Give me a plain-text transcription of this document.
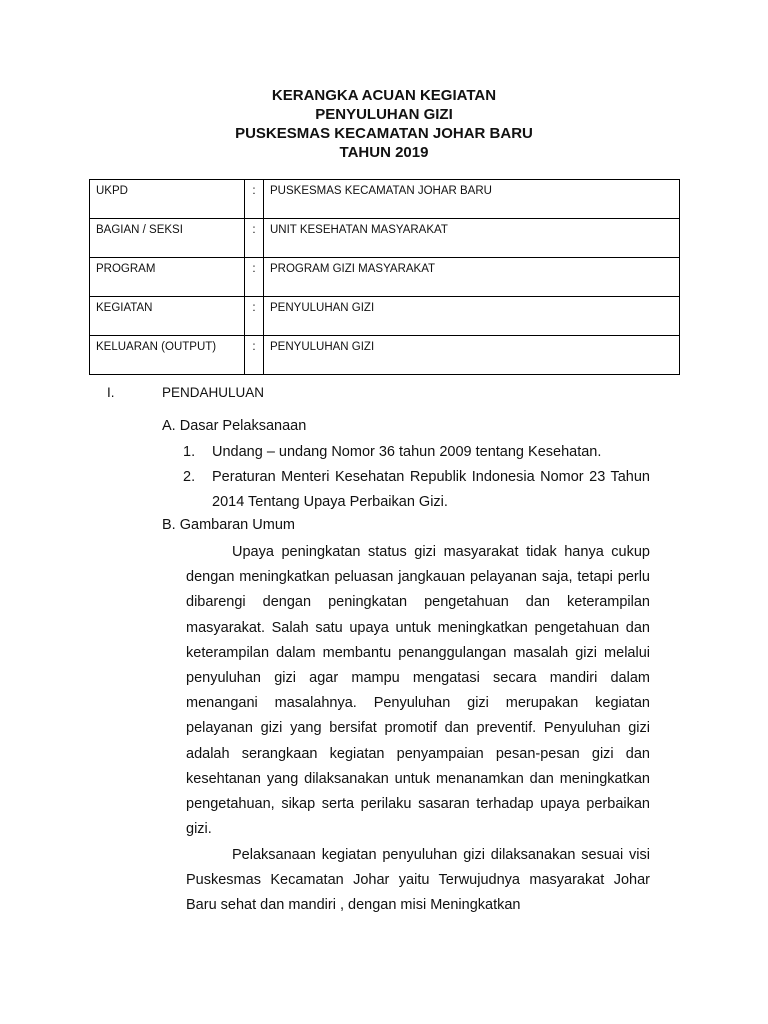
KERANGKA ACUAN KEGIATAN
PENYULUHAN GIZI
PUSKESMAS KECAMATAN JOHAR BARU
TAHUN 2019
UKPD	:	PUSKESMAS KECAMATAN JOHAR BARU
BAGIAN / SEKSI	:	UNIT KESEHATAN MASYARAKAT
PROGRAM	:	PROGRAM GIZI MASYARAKAT
KEGIATAN	:	PENYULUHAN GIZI
KELUARAN (OUTPUT)	:	PENYULUHAN GIZI
I.	PENDAHULUAN
A. Dasar Pelaksanaan
1. Undang – undang Nomor 36 tahun 2009 tentang Kesehatan.
2. Peraturan Menteri Kesehatan Republik Indonesia Nomor 23 Tahun 2014 Tentang Upaya Perbaikan Gizi.
B. Gambaran Umum

Upaya peningkatan status gizi masyarakat tidak hanya cukup dengan meningkatkan peluasan jangkauan pelayanan saja, tetapi perlu dibarengi dengan peningkatan pengetahuan dan keterampilan masyarakat. Salah satu upaya untuk meningkatkan pengetahuan dan keterampilan dalam membantu penanggulangan masalah gizi melalui penyuluhan gizi agar mampu mengatasi secara mandiri dalam menangani masalahnya. Penyuluhan gizi merupakan kegiatan pelayanan gizi yang bersifat promotif dan preventif. Penyuluhan gizi adalah serangkaan kegiatan penyampaian pesan-pesan gizi dan kesehtanan yang dilaksanakan untuk menanamkan dan meningkatkan pengetahuan, sikap serta perilaku sasaran terhadap upaya perbaikan gizi.

Pelaksanaan kegiatan penyuluhan gizi dilaksanakan sesuai visi Puskesmas Kecamatan Johar yaitu Terwujudnya masyarakat Johar Baru sehat dan mandiri , dengan misi Meningkatkan
